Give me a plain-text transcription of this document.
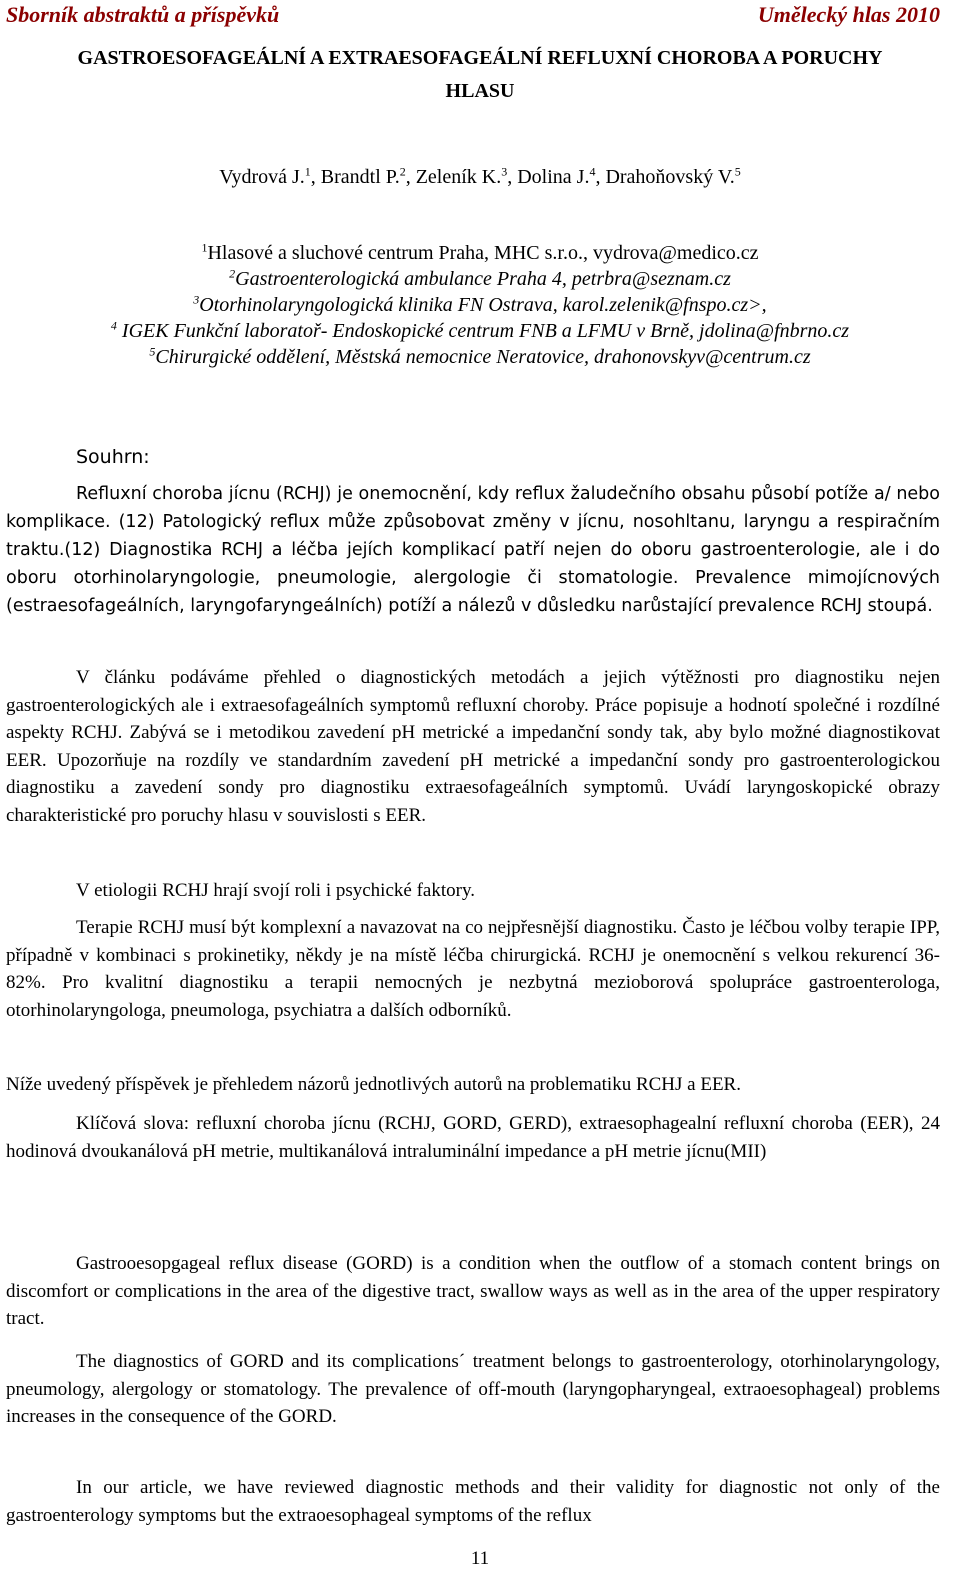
Sborník abstraktů a příspěvků	Umělecký hlas 2010
GASTROESOFAGEÁLNÍ A EXTRAESOFAGEÁLNÍ REFLUXNÍ CHOROBA A PORUCHY
HLASU
Vydrová J.$^1$, Brandtl P.$^2$, Zeleník K.$^3$, Dolina J.$^4$, Drahoňovský V.$^5$
$^1$Hlasové a sluchové centrum Praha, MHC s.r.o., vydrova@medico.cz
$^2$Gastroenterologická ambulance Praha 4, petrbra@seznam.cz
$^3$Otorhinolaryngologická klinika FN Ostrava, karol.zelenik@fnspo.cz>,
$^4$ IGEK Funkční laboratoř- Endoskopické centrum FNB a LFMU v Brně, jdolina@fnbrno.cz
$^5$Chirurgické oddělení, Městská nemocnice Neratovice, drahonovskyv@centrum.cz
Souhrn:

Refluxní choroba jícnu (RCHJ) je onemocnění, kdy reflux žaludečního obsahu působí potíže a/ nebo komplikace. (12) Patologický reflux může způsobovat změny v jícnu, nosohltanu, laryngu a respiračním traktu.(12) Diagnostika RCHJ a léčba jejích komplikací patří nejen do oboru gastroenterologie, ale i do oboru otorhinolaryngologie, pneumologie, alergologie či stomatologie. Prevalence mimojícnových (estraesofageálních, laryngofaryngeálních) potíží a nálezů v důsledku narůstající prevalence RCHJ stoupá.

V článku podáváme přehled o diagnostických metodách a jejich výtěžnosti pro diagnostiku nejen gastroenterologických ale i extraesofageálních symptomů refluxní choroby. Práce popisuje a hodnotí společné i rozdílné aspekty RCHJ. Zabývá se i metodikou zavedení pH metrické a impedanční sondy tak, aby bylo možné diagnostikovat EER. Upozorňuje na rozdíly ve standardním zavedení pH metrické a impedanční sondy pro gastroenterologickou diagnostiku a zavedení sondy pro diagnostiku extraesofageálních symptomů. Uvádí laryngoskopické obrazy charakteristické pro poruchy hlasu v souvislosti s EER.

V etiologii RCHJ hrají svojí roli i psychické faktory.

Terapie RCHJ musí být komplexní a navazovat na co nejpřesnější diagnostiku. Často je léčbou volby terapie IPP, případně v kombinaci s prokinetiky, někdy je na místě léčba chirurgická. RCHJ je onemocnění s velkou rekurencí 36-82%. Pro kvalitní diagnostiku a terapii nemocných je nezbytná mezioborová spolupráce gastroenterologa, otorhinolaryngologa, pneumologa, psychiatra a dalších odborníků.

Níže uvedený příspěvek je přehledem názorů jednotlivých autorů na problematiku RCHJ a EER.

Klíčová slova: refluxní choroba jícnu (RCHJ, GORD, GERD), extraesophagealní refluxní choroba (EER), 24 hodinová dvoukanálová pH metrie, multikanálová intraluminální impedance a pH metrie jícnu(MII)

Gastrooesopgageal reflux disease (GORD) is a condition when the outflow of a stomach content brings on discomfort or complications in the area of the digestive tract, swallow ways as well as in the area of the upper respiratory tract.

The diagnostics of GORD and its complications´ treatment belongs to gastroenterology, otorhinolaryngology, pneumology, alergology or stomatology. The prevalence of off-mouth (laryngopharyngeal, extraoesophageal) problems increases in the consequence of the GORD.

In our article, we have reviewed diagnostic methods and their validity for diagnostic not only of the gastroenterology symptoms but the extraoesophageal symptoms of the reflux

11
